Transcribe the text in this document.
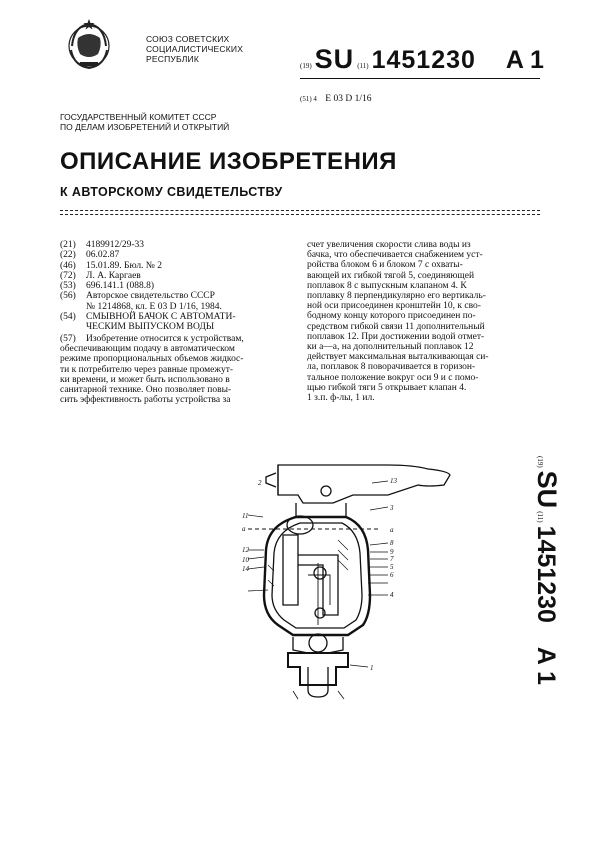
СОЮЗ СОВЕТСКИХ
СОЦИАЛИСТИЧЕСКИХ
РЕСПУБЛИК
(19) SU (11) 1451230 A 1
(51) 4 E 03 D 1/16
ГОСУДАРСТВЕННЫЙ КОМИТЕТ СССР
ПО ДЕЛАМ ИЗОБРЕТЕНИЙ И ОТКРЫТИЙ
ОПИСАНИЕ ИЗОБРЕТЕНИЯ
К АВТОРСКОМУ СВИДЕТЕЛЬСТВУ
(21)	4189912/29-33
(22)	06.02.87
(46)	15.01.89. Бюл. № 2
(72)	Л. А. Каргаев
(53)	696.141.1 (088.8)
(56)	Авторское свидетельство СССР
№ 1214868, кл. Е 03 D 1/16, 1984.
(54)	СМЫВНОЙ БАЧОК С АВТОМАТИ-
ЧЕСКИМ ВЫПУСКОМ ВОДЫ
(57) Изобретение относится к устройствам,
обеспечивающим подачу в автоматическом
режиме пропорциональных объемов жидкос-
ти к потребителю через равные промежут-
ки времени, и может быть использовано в
санитарной технике. Оно позволяет повы-
сить эффективность работы устройства за
счет увеличения скорости слива воды из
бачка, что обеспечивается снабжением уст-
ройства блоком 6 и блоком 7 с охваты-
вающей их гибкой тягой 5, соединяющей
поплавок 8 с выпускным клапаном 4. К
поплавку 8 перпендикулярно его вертикаль-
ной оси присоединен кронштейн 10, к сво-
бодному концу которого присоединен по-
средством гибкой связи 11 дополнительный
поплавок 12. При достижении водой отмет-
ки а—а, на дополнительный поплавок 12
действует максимальная выталкивающая си-
ла, поплавок 8 поворачивается в горизон-
тальное положение вокруг оси 9 и с помо-
щью гибкой тяги 5 открывает клапан 4.
1 з.п. ф-лы, 1 ил.
(19)
SU
(11)
1451230
A 1
2	13
3
а
11
12
10
8
9
7
5
6
14
4
1
а
